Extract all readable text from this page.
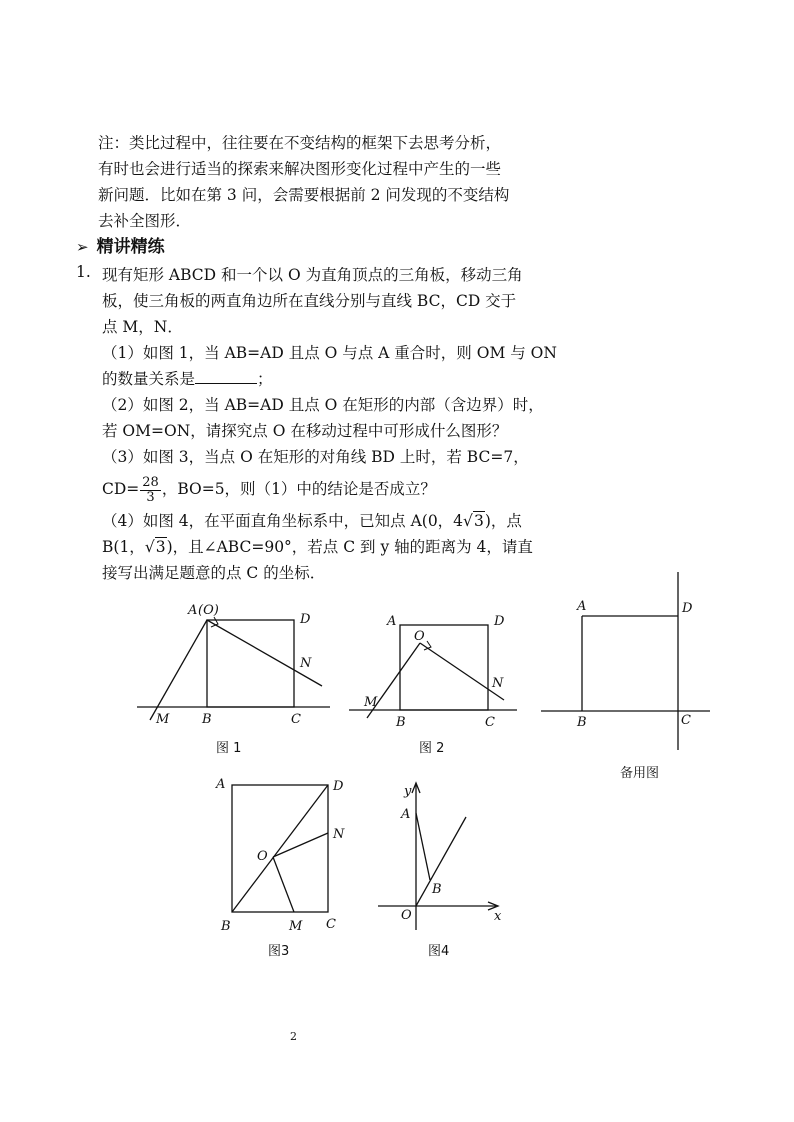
注：类比过程中，往往要在不变结构的框架下去思考分析，
有时也会进行适当的探索来解决图形变化过程中产生的一些
新问题．比如在第 3 问，会需要根据前 2 问发现的不变结构
去补全图形．
➢ 精讲精练
1. 现有矩形 ABCD 和一个以 O 为直角顶点的三角板，移动三角
板，使三角板的两直角边所在直线分别与直线 BC，CD 交于
点 M，N．
（1）如图 1，当 AB=AD 且点 O 与点 A 重合时，则 OM 与 ON
的数量关系是	；
（2）如图 2，当 AB=AD 且点 O 在矩形的内部（含边界）时，
若 OM=ON，请探究点 O 在移动过程中可形成什么图形？
（3）如图 3，当点 O 在矩形的对角线 BD 上时，若 BC=7，
$CD= \frac{28}{3}$ ，BO=5，则（1）中的结论是否成立？
（4）如图 4，在平面直角坐标系中，已知点 A(0，4√3)，点
B(1，√3)，且∠ABC=90°，若点 C 到 y 轴的距离为 4，请直
接写出满足题意的点 C 的坐标．
A (O)
D
N
M	B	C
图 1
A
O
D
N
M
B	C
图 2
A	D
B	C
备用图
A	D
N
O
B	M C
图3
y
A
B
O	x
图4
2
